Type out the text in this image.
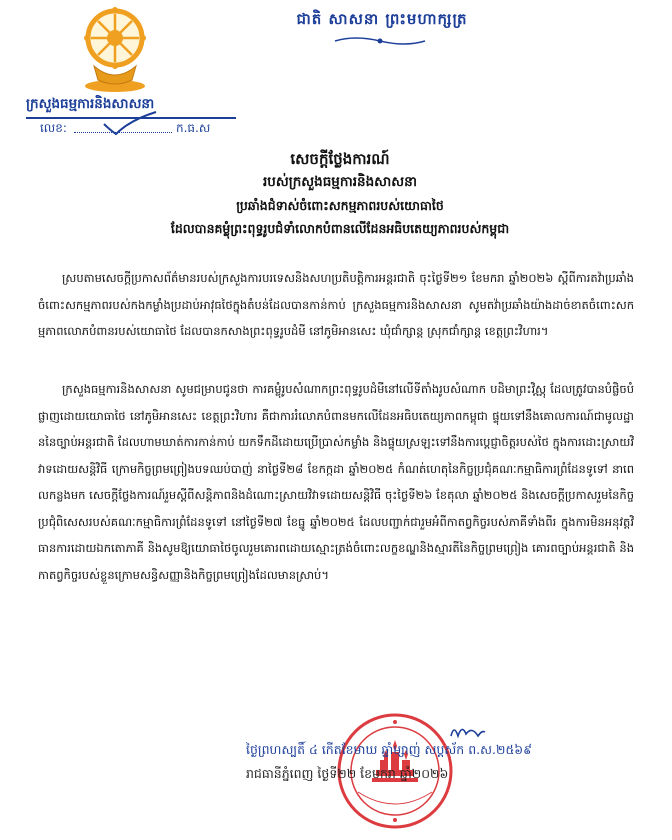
ជាតិ សាសនា ព្រះមហាក្សត្រ
ក្រសួងធម្មការនិងសាសនា
លេខ:	ក.ធ.ស
សេចក្ដីថ្លែងការណ៍
របស់ក្រសួងធម្មការនិងសាសនា
ប្រឆាំងជំទាស់ចំពោះសកម្មភាពរបស់យោធាថៃ
ដែលបានគម្លុំព្រះពុទ្ធរូបជំទាំលោកបំពានលើដែនអធិបតេយ្យភាពរបស់កម្ពុជា
ស្របតាមសេចក្ដីប្រកាសព័ត៌មានរបស់ក្រសួងការបរទេសនិងសហប្រតិបត្តិការអន្តរជាតិ ចុះថ្ងៃទី២១ ខែមករា ឆ្នាំ២០២៦ ស្ដីពីការតវ៉ាប្រឆាំងចំពោះសកម្មភាពរបស់កងកម្លាំងប្រដាប់អាវុធថៃក្នុងតំបន់ដែលបានកាន់កាប់ ក្រសួងធម្មការនិងសាសនា សូមតវ៉ាប្រឆាំងយ៉ាងដាច់ខាតចំពោះសកម្មភាពលោភបំពានរបស់យោធាថៃ ដែលបានកសាងព្រះពុទ្ធរូបដំមី នៅភូមិអានសេះ ឃុំជាំក្សាន្ត ស្រុកជាំក្សាន្ត ខេត្តព្រះវិហារ។
ក្រសួងធម្មការនិងសាសនា សូមជម្រាបជូនថា ការគម្លុំរូបសំណាកព្រះពុទ្ធរូបដំមីនៅលើទីតាំងរូបសំណាក បដិមាព្រះវិស្ណុ ដែលត្រូវបានបំផ្លិចបំផ្លាញដោយយោធាថៃ នៅភូមិអានសេះ ខេត្តព្រះវិហារ គឺជាការរំលោភបំពានមកលើដែនអធិបតេយ្យភាពកម្ពុជា ផ្ទុយទៅនឹងគោលការណ៍ជាមូលដ្ឋាននៃច្បាប់អន្តរជាតិ ដែលហាមឃាត់ការកាន់កាប់ យកទឹកដីដោយប្រើប្រាស់កម្លាំង និងផ្ទុយស្រឡះទៅនឹងការប្ដេជ្ញាចិត្តរបស់ថៃ ក្នុងការដោះស្រាយវិវាទដោយសន្តិវិធី ក្រោមកិច្ចព្រមព្រៀងបទឈប់បាញ់ នាថ្ងៃទី២៨ ខែកក្កដា ឆ្នាំ២០២៥ កំណត់ហេតុនៃកិច្ចប្រជុំគណៈកម្មាធិការព្រំដែនទូទៅ នាពេលកន្លងមក សេចក្ដីថ្លែងការណ៍រួមស្ដីពីសន្តិភាពនិងដំណោះស្រាយវិវាទដោយសន្តិវិធី ចុះថ្ងៃទី២៦ ខែតុលា ឆ្នាំ២០២៥ និងសេចក្ដីប្រកាសរួមនៃកិច្ចប្រជុំពិសេសរបស់គណៈកម្មាធិការព្រំដែនទូទៅ នៅថ្ងៃទី២៧ ខែធ្នូ ឆ្នាំ២០២៥ ដែលបញ្ជាក់ជារួមអំពីកាតព្វកិច្ចរបស់ភាគីទាំងពីរ ក្នុងការមិនអនុវត្តវិធានការដោយឯកតោភាគី និងសូមឱ្យយោធាថៃចូលរួមគោរពដោយស្មោះត្រង់ចំពោះលក្ខខណ្ឌនិងស្មារតីនៃកិច្ចព្រមព្រៀង គោរពច្បាប់អន្តរជាតិ និងកាតព្វកិច្ចរបស់ខ្លួនក្រោមសន្ធិសញ្ញានិងកិច្ចព្រមព្រៀងដែលមានស្រាប់។
ថ្ងៃព្រហស្បតិ៍ ៤ កើតខែមាឃ ឆ្នាំម្សាញ់ សប្តស័ក ព.ស.២៥៦៩
រាជធានីភ្នំពេញ ថ្ងៃទី២២ ខែមករា ឆ្នាំ២០២៦
